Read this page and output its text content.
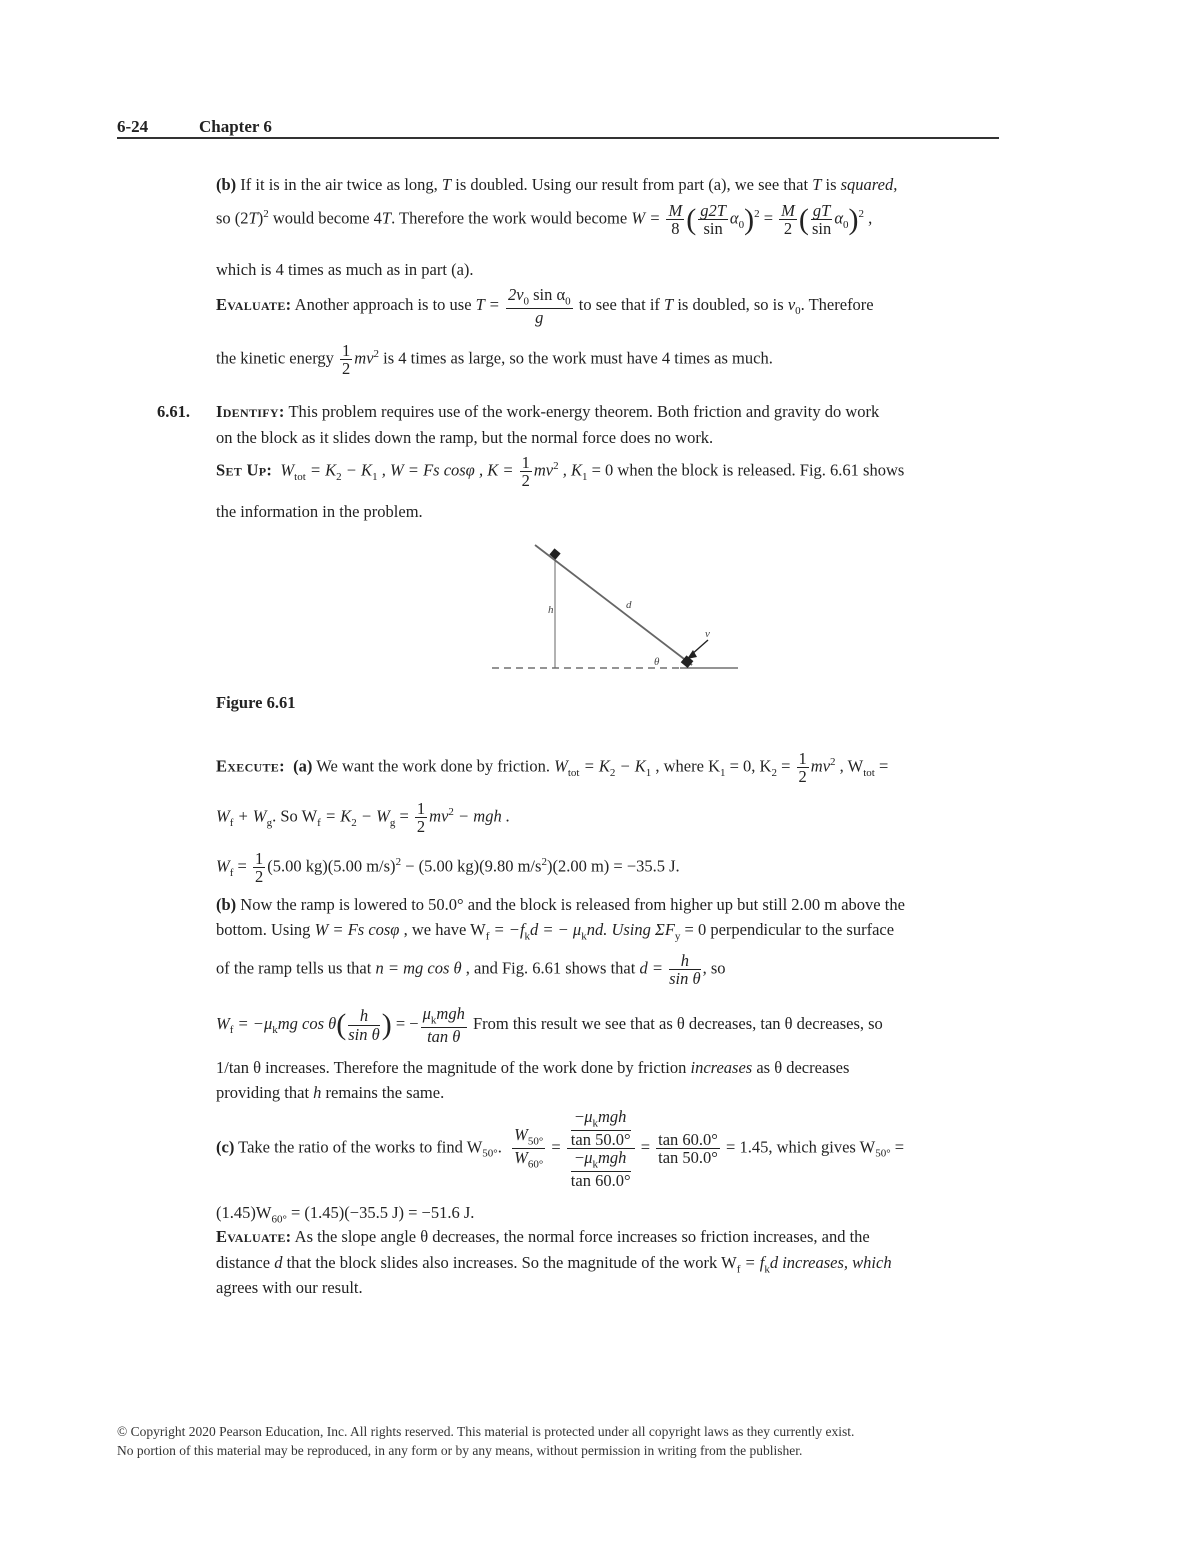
6-24	Chapter 6
(b) If it is in the air twice as long, T is doubled. Using our result from part (a), we see that T is squared,
so $(2T)^2$ would become 4T. Therefore the work would become $W = \frac{M}{8}$ ( $\frac{g2T}{\sin} \alpha_0)^2 = \frac{M}{2}$ ( $\frac{gT}{\sin} \alpha_0)^2$ ,
which is 4 times as much as in part (a).
Evaluate: Another approach is to use $T = \frac{2v_0 \sin \alpha_0}{g}$ to see that if T is doubled, so is $v_0$. Therefore
the kinetic energy $\frac{1}{2} mv^2$ is 4 times as large, so the work must have 4 times as much.
6.61. Identify: This problem requires use of the work-energy theorem. Both friction and gravity do work
on the block as it slides down the ramp, but the normal force does no work.
Set Up: $W_{tot} = K_2 - K_1$ , W = Fs cosφ , $K = \frac{1}{2} mv^2$ , $K_1 = 0$ when the block is released. Fig. 6.61 shows
the information in the problem.
h	d
θ
v
Figure 6.61
Execute: (a) We want the work done by friction. $W_{tot} = K_2 - K_1$ , where $K_1 = 0$, $K_2 = \frac{1}{2} mv^2$ , $W_{tot}$ =
$W_f + W_g$. So $W_f = K_2 - W_g = \frac{1}{2} mv^2$ − mgh .
$W_f = \frac{1}{2} (5.00$ kg)(5.00 m/s)$^2$ − (5.00 kg)(9.80 $m/s^2)(2.00$ m) = −35.5 J.
(b) Now the ramp is lowered to 50.0° and the block is released from higher up but still 2.00 m above the
bottom. Using W = Fs cosφ , we have $W_f = -f_kd$ = − $\mu_knd$. Using $\Sigma F_y = 0$ perpendicular to the surface
of the ramp tells us that n = mg cos θ , and Fig. 6.61 shows that $d = \frac{h}{\text{sin θ}}$ , so
$W_f = -\mu_kmg$ $\cos \theta( \frac{h}{\text{sin θ}})$ = − $\frac{\mu_kmgh}{\text{tan θ}}$ From this result we see that as θ decreases, tan θ decreases, so
1/tan θ increases. Therefore the magnitude of the work done by friction increases as θ decreases
providing that h remains the same.
(c) Take the ratio of the works to find $W_{50^\circ}$. $\frac{W_{50^\circ}}{W_{60^\circ}} = \frac{\frac{-\mu_kmgh}{\tan 50.0^\circ}}{\frac{-\mu_kmgh}{\tan 60.0^\circ}} = \frac{\tan 60.0^\circ}{\tan 50.0^\circ} = 1.45$, which gives $W_{50^\circ}$ =
$(1.45)W_{60^\circ} = (1.45)(-35.5$ J) = −51.6 J.
Evaluate: As the slope angle θ decreases, the normal force increases so friction increases, and the
distance d that the block slides also increases. So the magnitude of the work $W_f = f_kd$ increases, which
agrees with our result.
© Copyright 2020 Pearson Education, Inc. All rights reserved. This material is protected under all copyright laws as they currently exist.
No portion of this material may be reproduced, in any form or by any means, without permission in writing from the publisher.
